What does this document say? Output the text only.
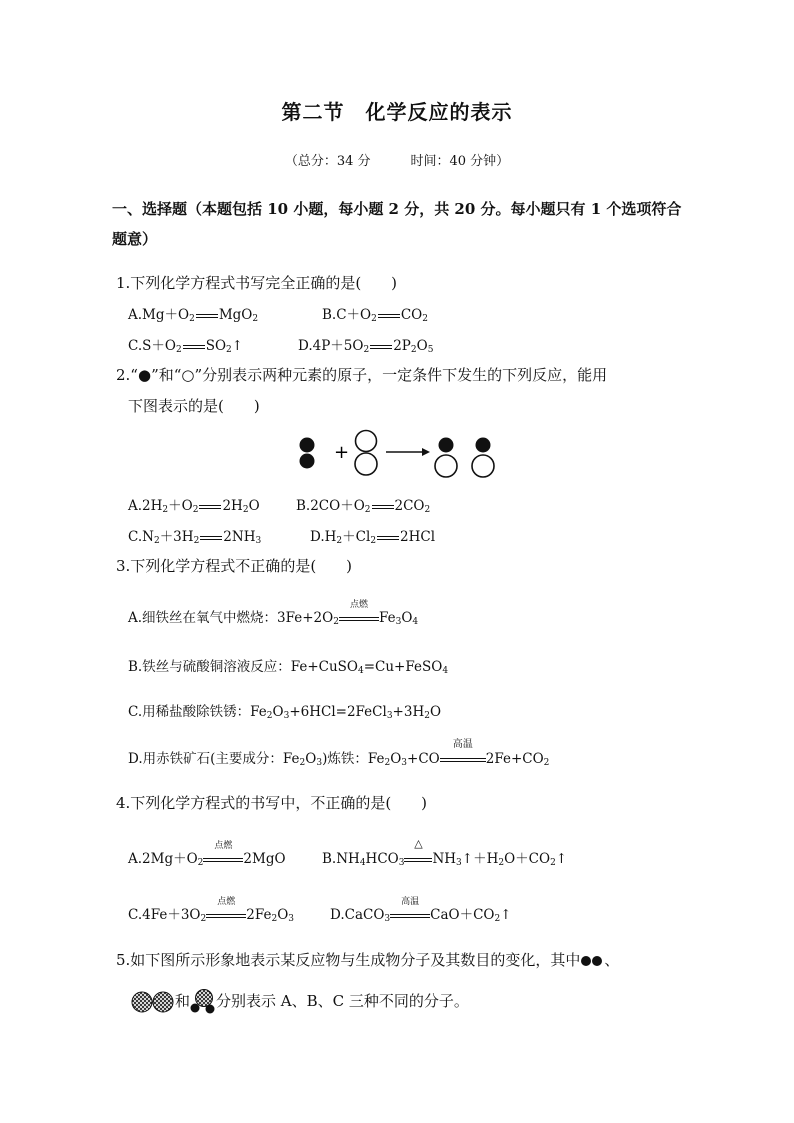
第二节　化学反应的表示
（总分：34 分	时间：40 分钟）
一、选择题（本题包括 10 小题，每小题 2 分，共 20 分。每小题只有 1 个选项符合题意）
1.下列化学方程式书写完全正确的是(　　)
$A.Mg+O_2$ MgO$_2$	$B.C+O_2$ $CO_2$
$C.S+O_2$ $SO_2↑$	$D.4P+5O_2$ $2P_2O_5$
2.“●”和“○”分别表示两种元素的原子，一定条件下发生的下列反应，能用
下图表示的是(　　)
+
$A.2H_2+O_2$ $2H_2O$	$B.2CO+O_2$ $2CO_2$
$C.N_2+3H_2$ $2NH_3$	$D.H_2+Cl_2$ 2HCl
3.下列化学方程式不正确的是(　　)
A.细铁丝在氧气中燃烧：$3Fe+2O_2$
点燃
$Fe_3O_4$
B.铁丝与硫酸铜溶液反应：Fe+CuSO$_4$=Cu+FeSO$_4$
C.用稀盐酸除铁锈：$Fe_2O_3+6HCl=2FeCl_3+3H_2O$
D.用赤铁矿石(主要成分：$Fe_2O_3$)炼铁：$Fe_2O_3+CO$
高温
$2Fe+CO_2$
4.下列化学方程式的书写中，不正确的是(　　)
$A.2Mg+O_2$
点燃
2MgO	$B.NH_4HCO_3$
△
$NH_3↑+H_2O+CO_2↑$
$C.4Fe+3O_2$
点燃
$2Fe_2O_3$	D.CaCO$_3$
高温
$CaO+CO_2↑$
5.如下图所示形象地表示某反应物与生成物分子及其数目的变化，其中 、
和 分别表示 A、B、C 三种不同的分子。
